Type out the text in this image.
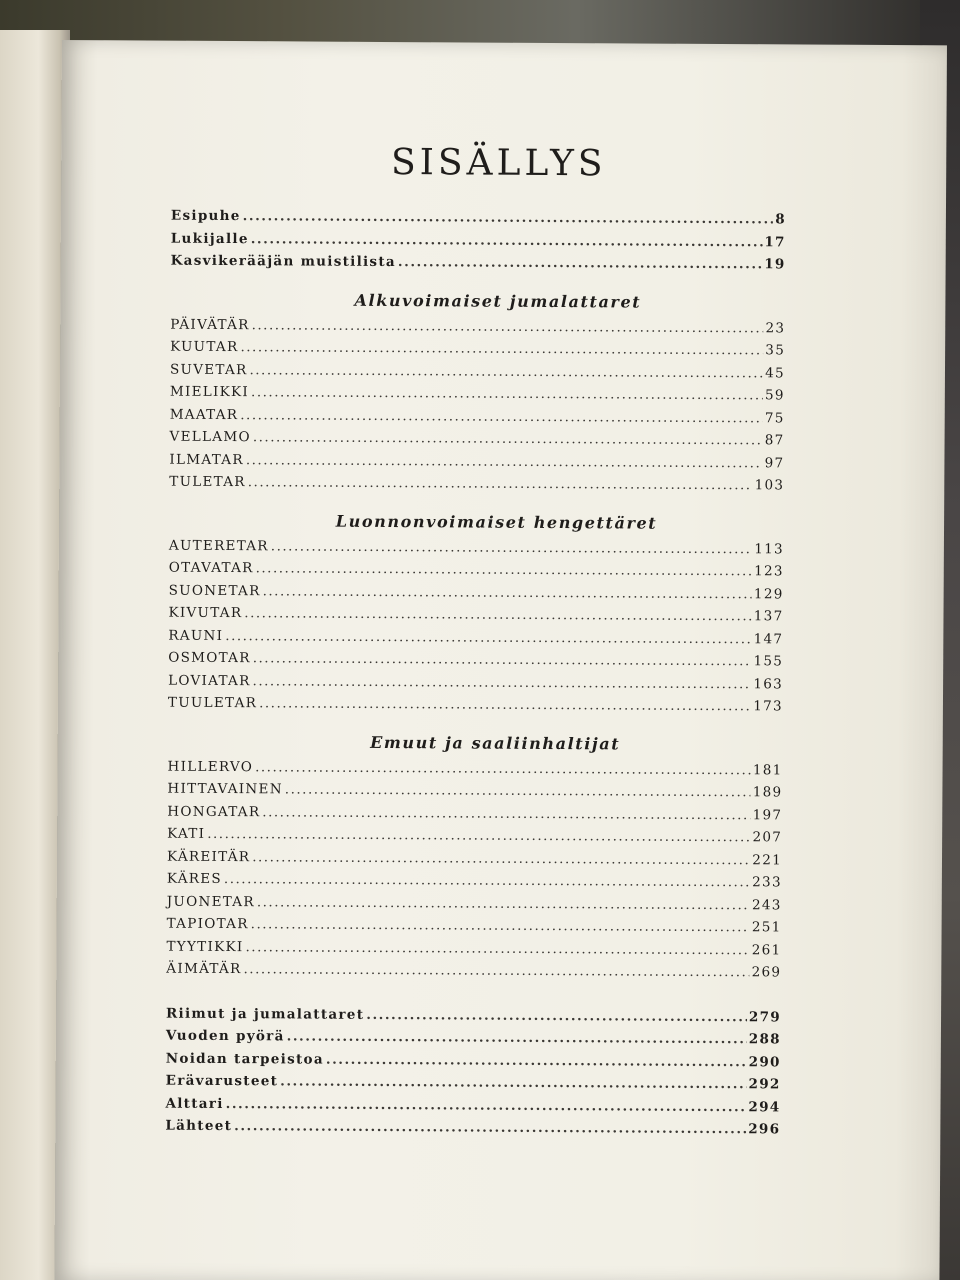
SISÄLLYS
Esipuhe .....	8
Lukijalle .....	17
Kasvikerääjän muistilista .....	19
Alkuvoimaiset jumalattaret
PÄIVÄTÄR .....	23
KUUTAR .....	35
SUVETAR .....	45
MIELIKKI .....	59
MAATAR .....	75
VELLAMO .....	87
ILMATAR .....	97
TULETAR .....	103
Luonnonvoimaiset hengettäret
AUTERETAR .....	113
OTAVATAR .....	123
SUONETAR .....	129
KIVUTAR .....	137
RAUNI .....	147
OSMOTAR .....	155
LOVIATAR .....	163
TUULETAR .....	173
Emuut ja saaliinhaltijat
HILLERVO .....	181
HITTAVAINEN .....	189
HONGATAR .....	197
KATI .....	207
KÄREITÄR .....	221
KÄRES .....	233
JUONETAR .....	243
TAPIOTAR .....	251
TYYTIKKI .....	261
ÄIMÄTÄR .....	269
Riimut ja jumalattaret .....	279
Vuoden pyörä .....	288
Noidan tarpeistoa .....	290
Erävarusteet .....	292
Alttari .....	294
Lähteet .....	296
